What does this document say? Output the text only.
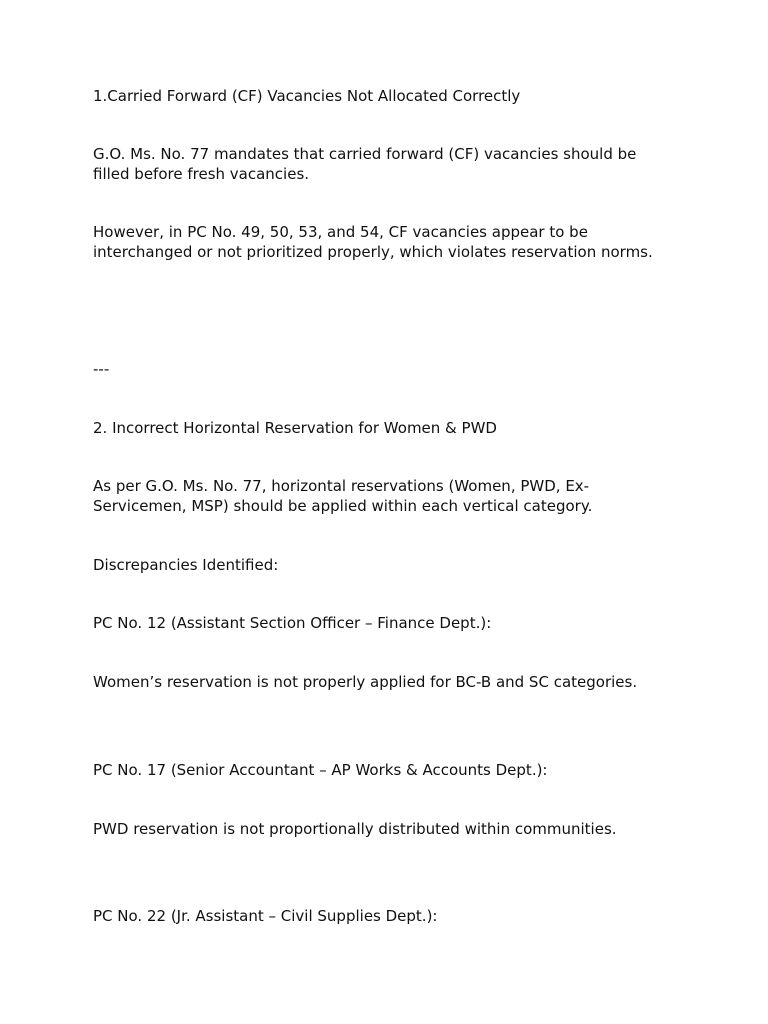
1.Carried Forward (CF) Vacancies Not Allocated Correctly

G.O. Ms. No. 77 mandates that carried forward (CF) vacancies should be

filled before fresh vacancies.

However, in PC No. 49, 50, 53, and 54, CF vacancies appear to be

interchanged or not prioritized properly, which violates reservation norms.

---

2. Incorrect Horizontal Reservation for Women & PWD

As per G.O. Ms. No. 77, horizontal reservations (Women, PWD, Ex-

Servicemen, MSP) should be applied within each vertical category.

Discrepancies Identified:

PC No. 12 (Assistant Section Officer – Finance Dept.):

Women’s reservation is not properly applied for BC-B and SC categories.

PC No. 17 (Senior Accountant – AP Works & Accounts Dept.):

PWD reservation is not proportionally distributed within communities.

PC No. 22 (Jr. Assistant – Civil Supplies Dept.):
